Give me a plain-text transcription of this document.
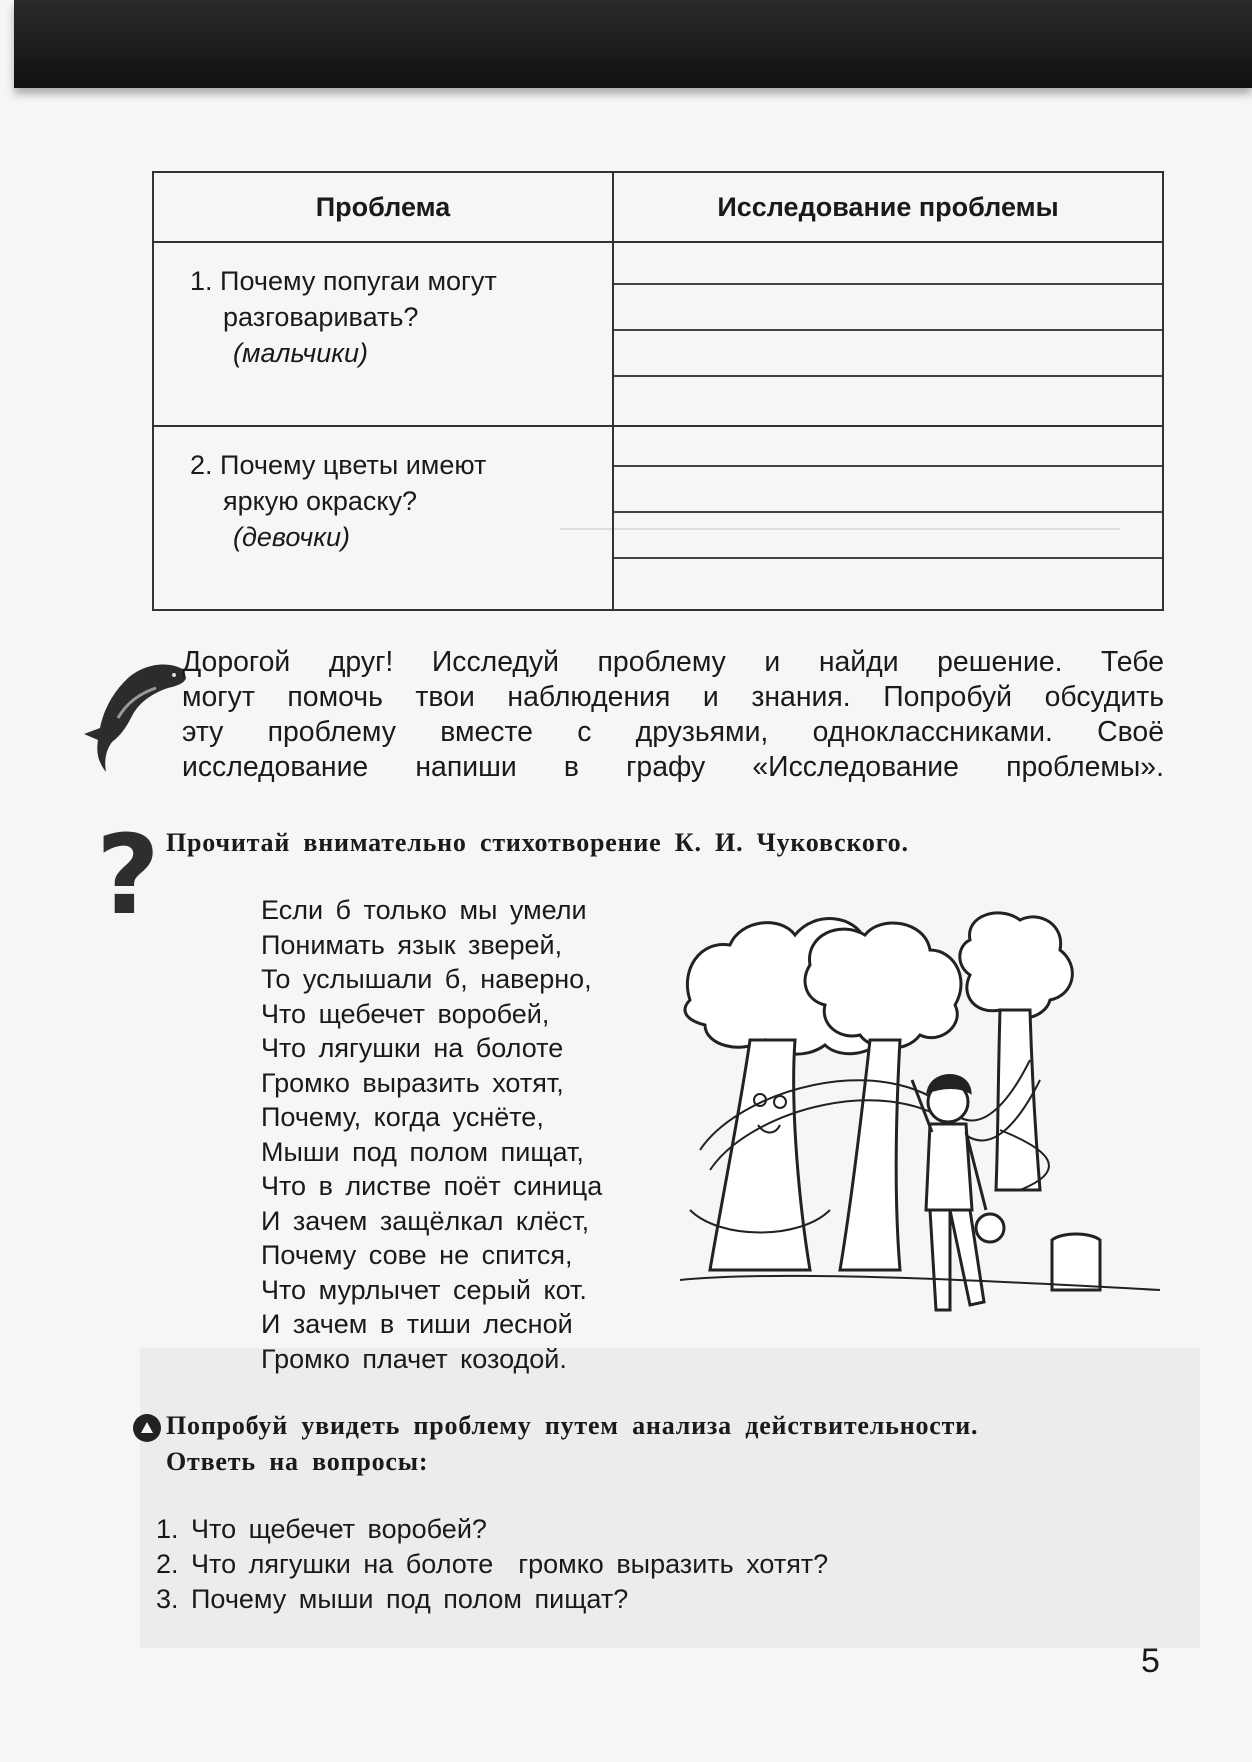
Проблема	Исследование проблемы
1. Почему попугаи могут
разговаривать?
(мальчики)	

2. Почему цветы имеют
яркую окраску?
(девочки)	
Дорогой друг! Исследуй проблему и найди решение. Тебе
могут помочь твои наблюдения и знания. Попробуй обсудить
эту проблему вместе с друзьями, одноклассниками. Своё
исследование напиши в графу «Исследование проблемы».
? Прочитай внимательно стихотворение К. И. Чуковского.
Если б только мы умели
Понимать язык зверей,
То услышали б, наверно,
Что щебечет воробей,
Что лягушки на болоте
Громко выразить хотят,
Почему, когда уснёте,
Мыши под полом пищат,
Что в листве поёт синица
И зачем защёлкал клёст,
Почему сове не спится,
Что мурлычет серый кот.
И зачем в тиши лесной
Громко плачет козодой.
Попробуй увидеть проблему путем анализа действительности.
Ответь на вопросы:
1. Что щебечет воробей?
2. Что лягушки на болоте  громко выразить хотят?
3. Почему мыши под полом пищат?
5
